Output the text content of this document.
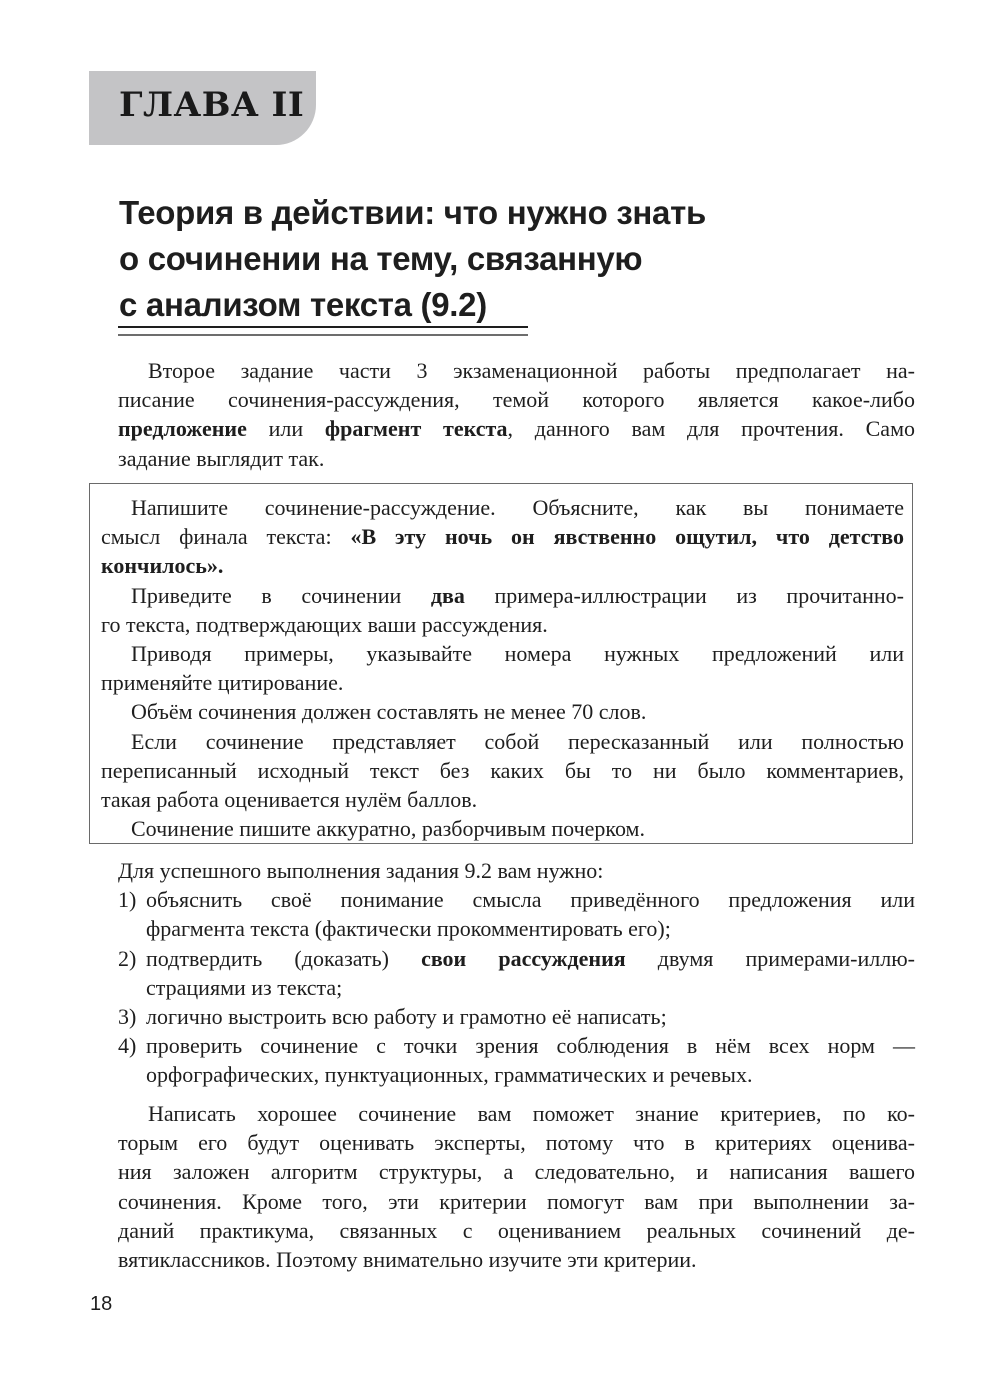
ГЛАВА II
Теория в действии: что нужно знать
о сочинении на тему, связанную
с анализом текста (9.2)
Второе задание части 3 экзаменационной работы предполагает на-
писание сочинения-рассуждения, темой которого является какое-либо
предложение или фрагмент текста, данного вам для прочтения. Само
задание выглядит так.
Напишите сочинение-рассуждение. Объясните, как вы понимаете
смысл финала текста: «В эту ночь он явственно ощутил, что детство
кончилось».
Приведите в сочинении два примера-иллюстрации из прочитанно-
го текста, подтверждающих ваши рассуждения.
Приводя примеры, указывайте номера нужных предложений или
применяйте цитирование.
Объём сочинения должен составлять не менее 70 слов.
Если сочинение представляет собой пересказанный или полностью
переписанный исходный текст без каких бы то ни было комментариев,
такая работа оценивается нулём баллов.
Сочинение пишите аккуратно, разборчивым почерком.
Для успешного выполнения задания 9.2 вам нужно:
1) объяснить своё понимание смысла приведённого предложения или
фрагмента текста (фактически прокомментировать его);
2) подтвердить (доказать) свои рассуждения двумя примерами-иллю-
страциями из текста;
3) логично выстроить всю работу и грамотно её написать;
4) проверить сочинение с точки зрения соблюдения в нём всех норм —
орфографических, пунктуационных, грамматических и речевых.
Написать хорошее сочинение вам поможет знание критериев, по ко-
торым его будут оценивать эксперты, потому что в критериях оценива-
ния заложен алгоритм структуры, а следовательно, и написания вашего
сочинения. Кроме того, эти критерии помогут вам при выполнении за-
даний практикума, связанных с оцениванием реальных сочинений де-
вятиклассников. Поэтому внимательно изучите эти критерии.
18
